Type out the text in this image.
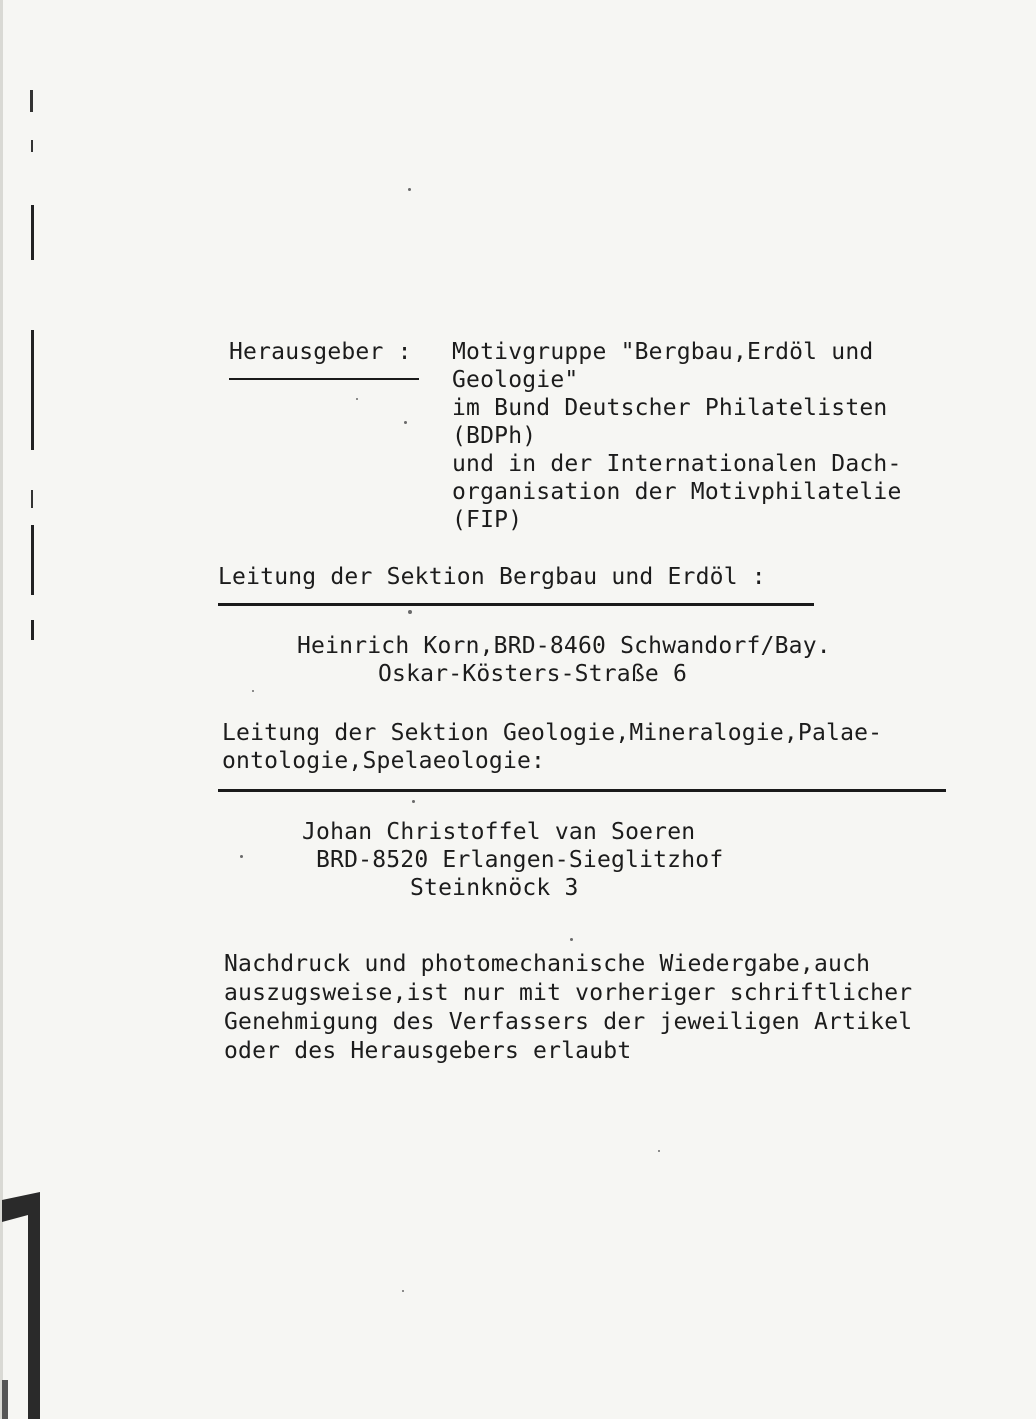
Herausgeber : Motivgruppe "Bergbau,Erdöl und
Geologie"
im Bund Deutscher Philatelisten
(BDPh)
und in der Internationalen Dach-
organisation der Motivphilatelie
(FIP)
Leitung der Sektion Bergbau und Erdöl :
Heinrich Korn,BRD-8460 Schwandorf/Bay.
Oskar-Kösters-Straße 6
Leitung der Sektion Geologie,Mineralogie,Palae-
ontologie,Spelaeologie:
Johan Christoffel van Soeren
BRD-8520 Erlangen-Sieglitzhof
Steinknöck 3
Nachdruck und photomechanische Wiedergabe,auch
auszugsweise,ist nur mit vorheriger schriftlicher
Genehmigung des Verfassers der jeweiligen Artikel
oder des Herausgebers erlaubt
